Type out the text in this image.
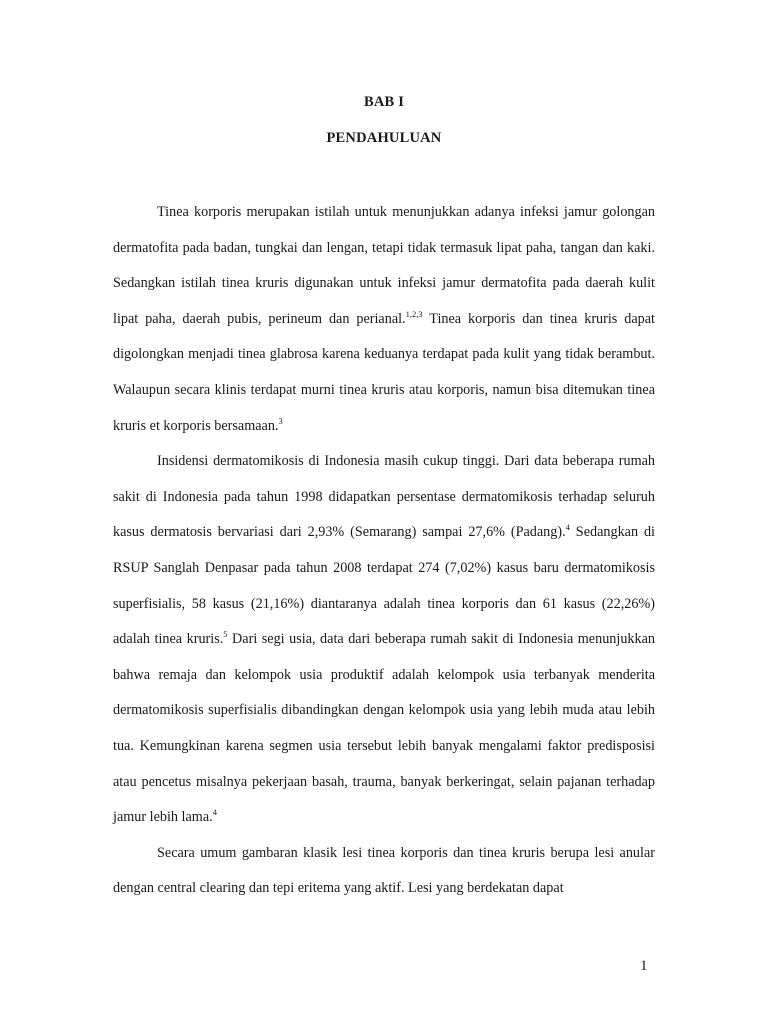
BAB I
PENDAHULUAN

Tinea korporis merupakan istilah untuk menunjukkan adanya infeksi jamur golongan dermatofita pada badan, tungkai dan lengan, tetapi tidak termasuk lipat paha, tangan dan kaki. Sedangkan istilah tinea kruris digunakan untuk infeksi jamur dermatofita pada daerah kulit lipat paha, daerah pubis, perineum dan perianal.$^{1,2,3}$ Tinea korporis dan tinea kruris dapat digolongkan menjadi tinea glabrosa karena keduanya terdapat pada kulit yang tidak berambut. Walaupun secara klinis terdapat murni tinea kruris atau korporis, namun bisa ditemukan tinea kruris et korporis bersamaan.$^3$

Insidensi dermatomikosis di Indonesia masih cukup tinggi. Dari data beberapa rumah sakit di Indonesia pada tahun 1998 didapatkan persentase dermatomikosis terhadap seluruh kasus dermatosis bervariasi dari 2,93% (Semarang) sampai 27,6% (Padang).$^4$ Sedangkan di RSUP Sanglah Denpasar pada tahun 2008 terdapat 274 (7,02%) kasus baru dermatomikosis superfisialis, 58 kasus (21,16%) diantaranya adalah tinea korporis dan 61 kasus (22,26%) adalah tinea kruris.$^5$ Dari segi usia, data dari beberapa rumah sakit di Indonesia menunjukkan bahwa remaja dan kelompok usia produktif adalah kelompok usia terbanyak menderita dermatomikosis superfisialis dibandingkan dengan kelompok usia yang lebih muda atau lebih tua. Kemungkinan karena segmen usia tersebut lebih banyak mengalami faktor predisposisi atau pencetus misalnya pekerjaan basah, trauma, banyak berkeringat, selain pajanan terhadap jamur lebih lama.$^4$

Secara umum gambaran klasik lesi tinea korporis dan tinea kruris berupa lesi anular dengan central clearing dan tepi eritema yang aktif. Lesi yang berdekatan dapat

1
